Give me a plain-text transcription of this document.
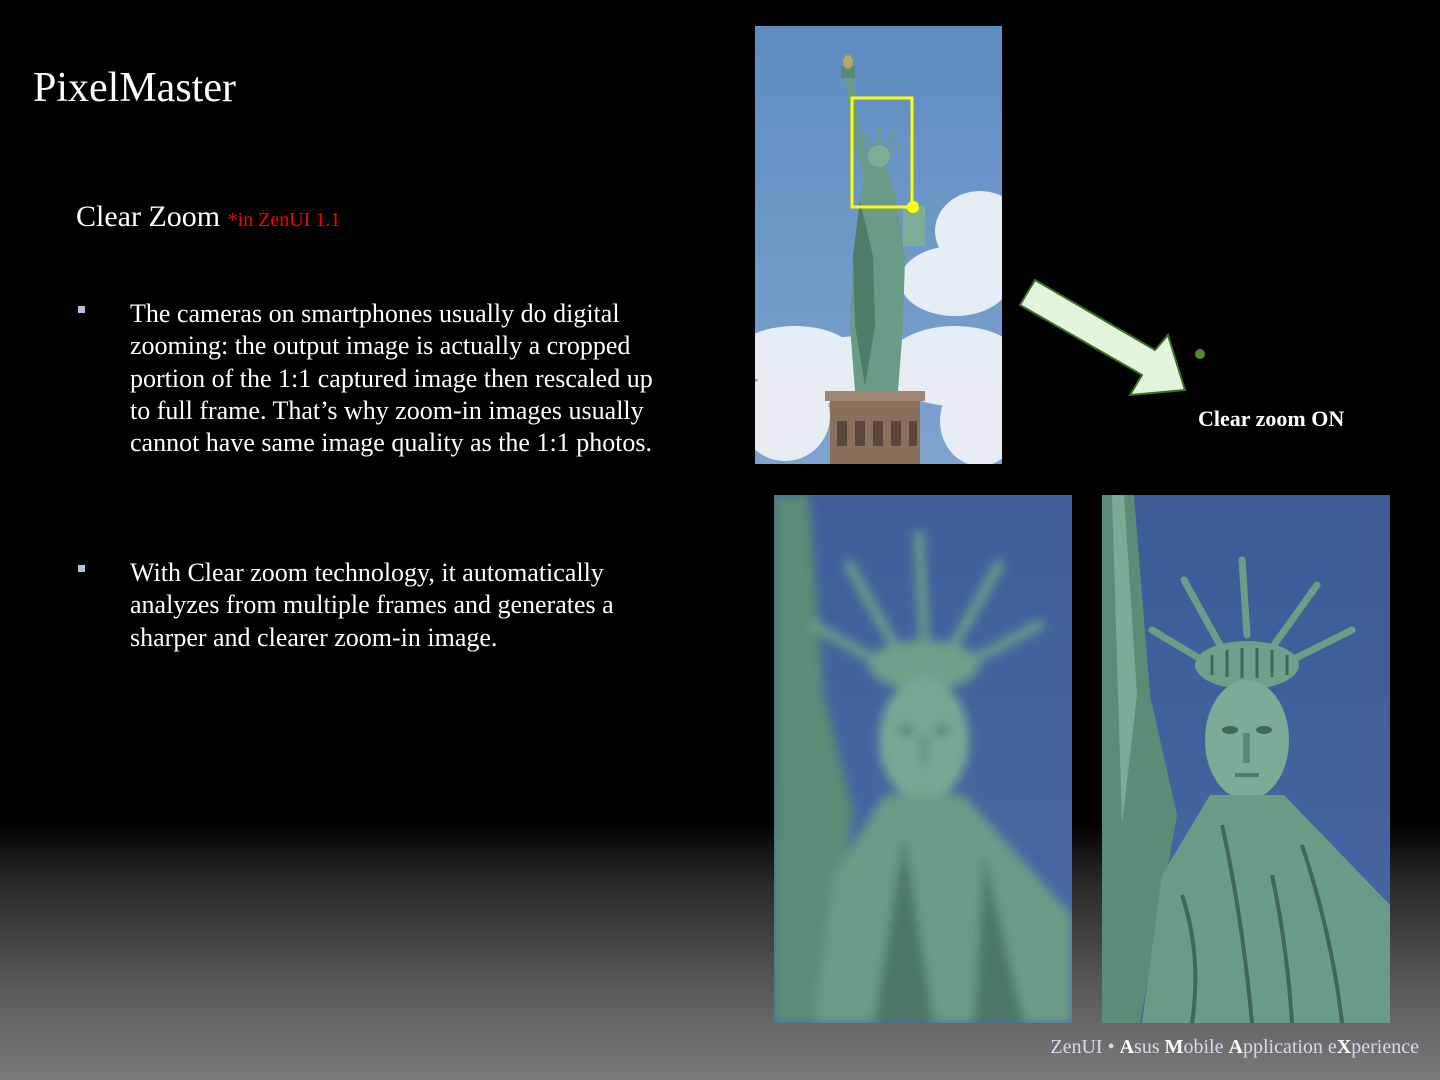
PixelMaster
Clear Zoom *in ZenUI 1.1
The cameras on smartphones usually do digital zooming: the output image is actually a cropped portion of the 1:1 captured image then rescaled up to full frame. That’s why zoom-in images usually cannot have same image quality as the 1:1 photos.
With Clear zoom technology, it automatically analyzes from multiple frames and generates a sharper and clearer zoom-in image.
Clear zoom ON
ZenUI • Asus Mobile Application eXperience
